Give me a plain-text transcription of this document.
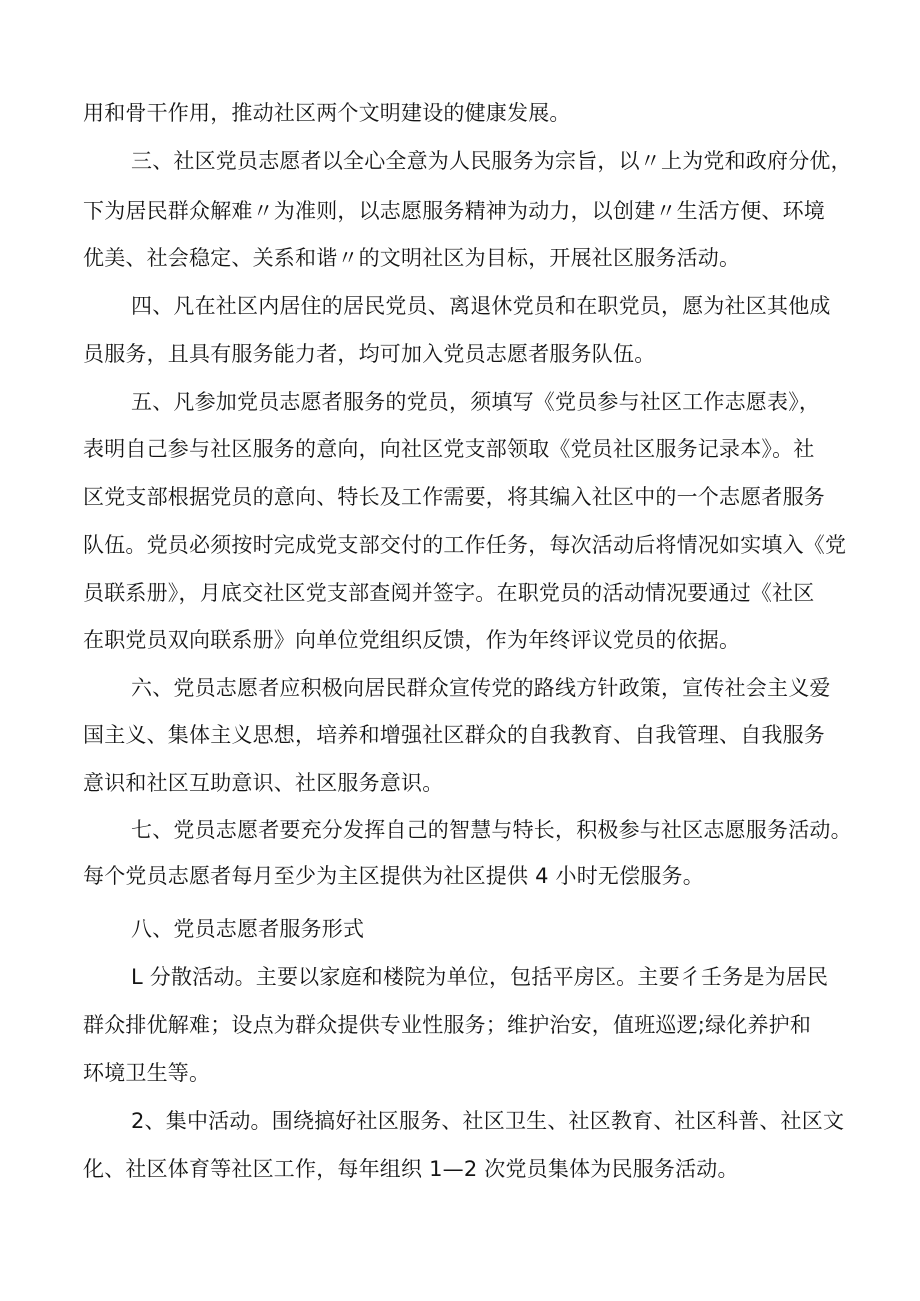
用和骨干作用，推动社区两个文明建设的健康发展。
三、社区党员志愿者以全心全意为人民服务为宗旨，以〃上为党和政府分优，
下为居民群众解难〃为准则，以志愿服务精神为动力，以创建〃生活方便、环境
优美、社会稳定、关系和谐〃的文明社区为目标，开展社区服务活动。
四、凡在社区内居住的居民党员、离退休党员和在职党员，愿为社区其他成
员服务，且具有服务能力者，均可加入党员志愿者服务队伍。
五、凡参加党员志愿者服务的党员，须填写《党员参与社区工作志愿表》，
表明自己参与社区服务的意向，向社区党支部领取《党员社区服务记录本》。社
区党支部根据党员的意向、特长及工作需要，将其编入社区中的一个志愿者服务
队伍。党员必须按时完成党支部交付的工作任务，每次活动后将情况如实填入《党
员联系册》，月底交社区党支部查阅并签字。在职党员的活动情况要通过《社区
在职党员双向联系册》向单位党组织反馈，作为年终评议党员的依据。
六、党员志愿者应积极向居民群众宣传党的路线方针政策，宣传社会主义爱
国主义、集体主义思想，培养和增强社区群众的自我教育、自我管理、自我服务
意识和社区互助意识、社区服务意识。
七、党员志愿者要充分发挥自己的智慧与特长，积极参与社区志愿服务活动。
每个党员志愿者每月至少为主区提供为社区提供 4 小时无偿服务。
八、党员志愿者服务形式
L 分散活动。主要以家庭和楼院为单位，包括平房区。主要彳壬务是为居民
群众排优解难；设点为群众提供专业性服务；维护治安，值班巡逻;绿化养护和
环境卫生等。
2、集中活动。围绕搞好社区服务、社区卫生、社区教育、社区科普、社区文
化、社区体育等社区工作，每年组织 1—2 次党员集体为民服务活动。
